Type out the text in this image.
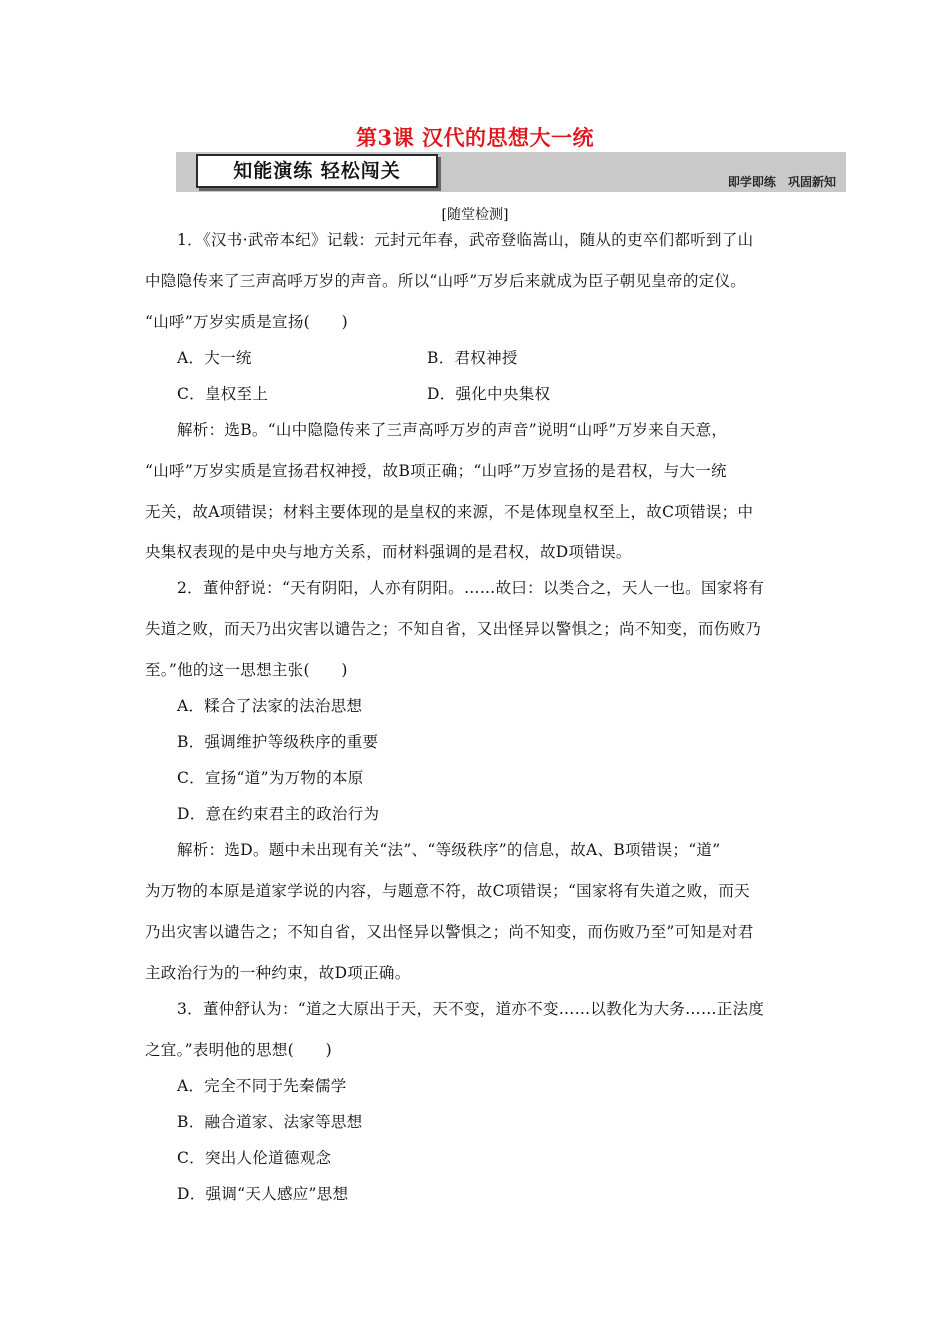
第3课 汉代的思想大一统
知能演练 轻松闯关	即学即练 巩固新知
[随堂检测]
1．《汉书·武帝本纪》记载：元封元年春，武帝登临嵩山，随从的吏卒们都听到了山
中隐隐传来了三声高呼万岁的声音。所以“山呼”万岁后来就成为臣子朝见皇帝的定仪。
“山呼”万岁实质是宣扬(　　)
A．大一统	B．君权神授
C．皇权至上	D．强化中央集权
解析：选B。“山中隐隐传来了三声高呼万岁的声音”说明“山呼”万岁来自天意，
“山呼”万岁实质是宣扬君权神授，故B项正确；“山呼”万岁宣扬的是君权，与大一统
无关，故A项错误；材料主要体现的是皇权的来源，不是体现皇权至上，故C项错误；中
央集权表现的是中央与地方关系，而材料强调的是君权，故D项错误。
2．董仲舒说：“天有阴阳，人亦有阴阳。……故曰：以类合之，天人一也。国家将有
失道之败，而天乃出灾害以谴告之；不知自省，又出怪异以警惧之；尚不知变，而伤败乃
至。”他的这一思想主张(　　)
A．糅合了法家的法治思想
B．强调维护等级秩序的重要
C．宣扬“道”为万物的本原
D．意在约束君主的政治行为
解析：选D。题中未出现有关“法”、“等级秩序”的信息，故A、B项错误；“道”
为万物的本原是道家学说的内容，与题意不符，故C项错误；“国家将有失道之败，而天
乃出灾害以谴告之；不知自省，又出怪异以警惧之；尚不知变，而伤败乃至”可知是对君
主政治行为的一种约束，故D项正确。
3．董仲舒认为：“道之大原出于天，天不变，道亦不变……以教化为大务……正法度
之宜。”表明他的思想(　　)
A．完全不同于先秦儒学
B．融合道家、法家等思想
C．突出人伦道德观念
D．强调“天人感应”思想
